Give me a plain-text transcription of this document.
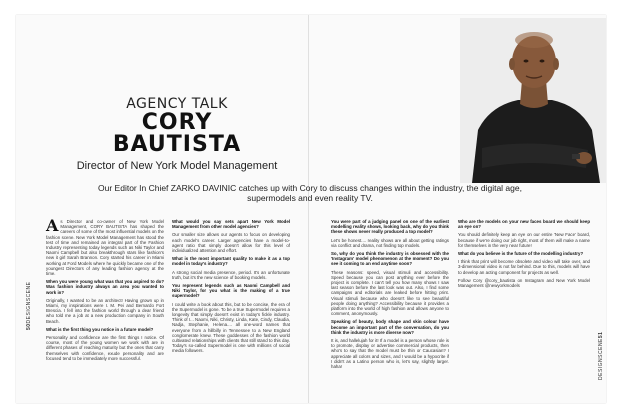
AGENCY TALK
CORY
BAUTISTA
Director of New York Model Management
Our Editor In Chief ZARKO DAVINIC catches up with Cory to discuss changes within the industry, the digital age, supermodels and even reality TV.

As Director and co-owner of New York Model Management, CORY BAUTISTA has shaped the careers of some of the most influential models on the fashion scene. New York Model Management has stood the test of time and remained an integral part of the Fashion Industry representing today legends such as Niki Taylor and Naomi Campbell but also breakthrough stars like fashion's new it girl Sarah Brannon. Cory started his career in Miami working at Ford Models where he quickly became one of the youngest Directors of any leading fashion agency at the time.

When you were young what was that you aspired to do? Was fashion industry always an area you wanted to work in?

Originally, I wanted to be an architect! Having grown up in Miami, my inspirations were I. M. Pei and Bernardo Fort Brescia. I fell into the fashion world through a dear friend who told me a job at a new production company in South Beach.

What is the first thing you notice in a future model?

Personality and confidence are the first things I notice. Of course, most of the young women we work with are in different phases of reaching maturity but the ones that carry themselves with confidence, exude personality and are focused tend to be immediately more successful.

What would you say sets apart New York Model Management from other model agencies?

Our smaller size allows our agents to focus on developing each model's career. Larger agencies have a model-to-agent ratio that simply doesn't allow for this level of individualized attention and effort.

What is the most important quality to make it as a top model in today's industry?

A strong social media presence, period. It's an unfortunate truth, but it's the new science of booking models.

You represent legends such as Naomi Campbell and Niki Taylor, for you what is the making of a true supermodel?

I could write a book about this, but to be concise, the era of the Supermodel is gone. To be a true Supermodel requires a longevity that simply doesn't exist in today's fickle industry. Think of I... Naomi, Niki, Christy, Linda, Kate, Cindy, Claudia, Nadja, Stephanie, Helena.... all one-word names that everyone from a hillbilly in Tennessee to a New England conglomerate knew. These goddesses of the fashion world cultivated relationships with clients that still stand to this day. Today's so-called Supermodel is one with millions of social media followers.

You were part of a judging panel on one of the earliest modelling reality shows, looking back, why do you think these shows never really produced a top model?

Let's be honest.... reality shows are all about getting ratings via conflict and drama, not finding top models.

So, why do you think the industry is obsessed with the 'Instagram' model phenomenon at the moment? Do you see it coming to an end anytime soon?

These reasons: speed, visual stimuli and accessibility. Speed because you can post anything ever before the project is complete. I can't tell you how many shows I saw last season before the last look was out. Also, I find some campaigns and editorials are leaked before hitting print. Visual stimuli because who doesn't like to see beautiful people doing anything? Accessibility because it provides a platform into the world of high fashion and allows anyone to comment, anonymously.

Speaking of beauty, body shape and skin colour have become an important part of the conversation, do you think the industry is more diverse now?

It is, and hallelujah for it! If a model is a person whose role is to promote, display or advertise commercial products, then who's to say that the model must be thin or Caucasian? I appreciate all colors and sizes, and I would be a hypocrite if I didn't as a Latino person who is, let's say, slightly larger. haha!

Who are the models on your new faces board we should keep an eye on?

You should definitely keep an eye on our entire 'New Face' board, because if we're doing our job right, most of them will make a name for themselves in the very near future!

What do you believe is the future of the modelling industry?

I think that print will become obsolete and video will take over, and 3-dimensional video is not far behind. Due to this, models will have to develop an acting component for projects as well.

Follow Cory @cory_bautista on Instagram and New York Model Management @newyorkmodels

50DESIGNSCENE
DESIGNSCENE51
